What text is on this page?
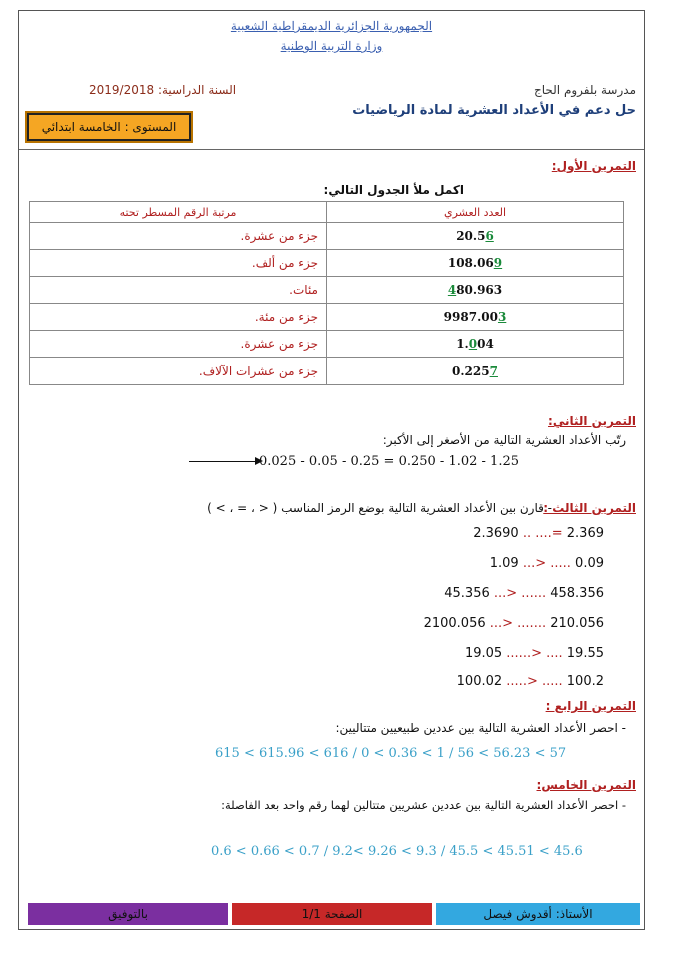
الجمهورية الجزائرية الديمقراطية الشعبية
وزارة التربية الوطنية
مدرسة بلفروم الحاج
السنة الدراسية: 2019/2018
حل دعم في الأعداد العشرية لمادة الرياضيات
المستوى : الخامسة ابتدائي
التمرين الأول:
اكمل ملأ الجدول التالي:
مرتبة الرقم المسطر تحته	العدد العشري
جزء من عشرة.	20.56
جزء من ألف.	108.069
مئات.	480.963
جزء من مئة.	9987.003
جزء من عشرة.	1.004
جزء من عشرات الآلاف.	0.2257
التمرين الثاني:
رتّب الأعداد العشرية التالية من الأصغر إلى الأكبر:
0.025 - 0.05 - 0.25 = 0.250 - 1.02 - 1.25
التمرين الثالث :
- قارن بين الأعداد العشرية التالية بوضع الرمز المناسب ( < ، = ، > )
2.3690 .. ....= 2.369
1.09 ...> ..... 0.09
45.356 ...> ...... 458.356
2100.056 ...> ....... 210.056
19.05 ......> .... 19.55
100.02 .....> ..... 100.2
التمرين الرابع :
- احصر الأعداد العشرية التالية بين عددين طبيعيين متتاليين:
615 < 615.96 < 616 / 0 < 0.36 < 1 / 56 < 56.23 < 57
التمرين الخامس:
- احصر الأعداد العشرية التالية بين عددين عشريين متتالين لهما رقم واحد بعد الفاصلة:
0.6 < 0.66 < 0.7 / 9.2< 9.26 < 9.3 / 45.5 < 45.51 < 45.6
الأستاذ: أقدوش فيصل
الصفحة 1/1
بالتوفيق
